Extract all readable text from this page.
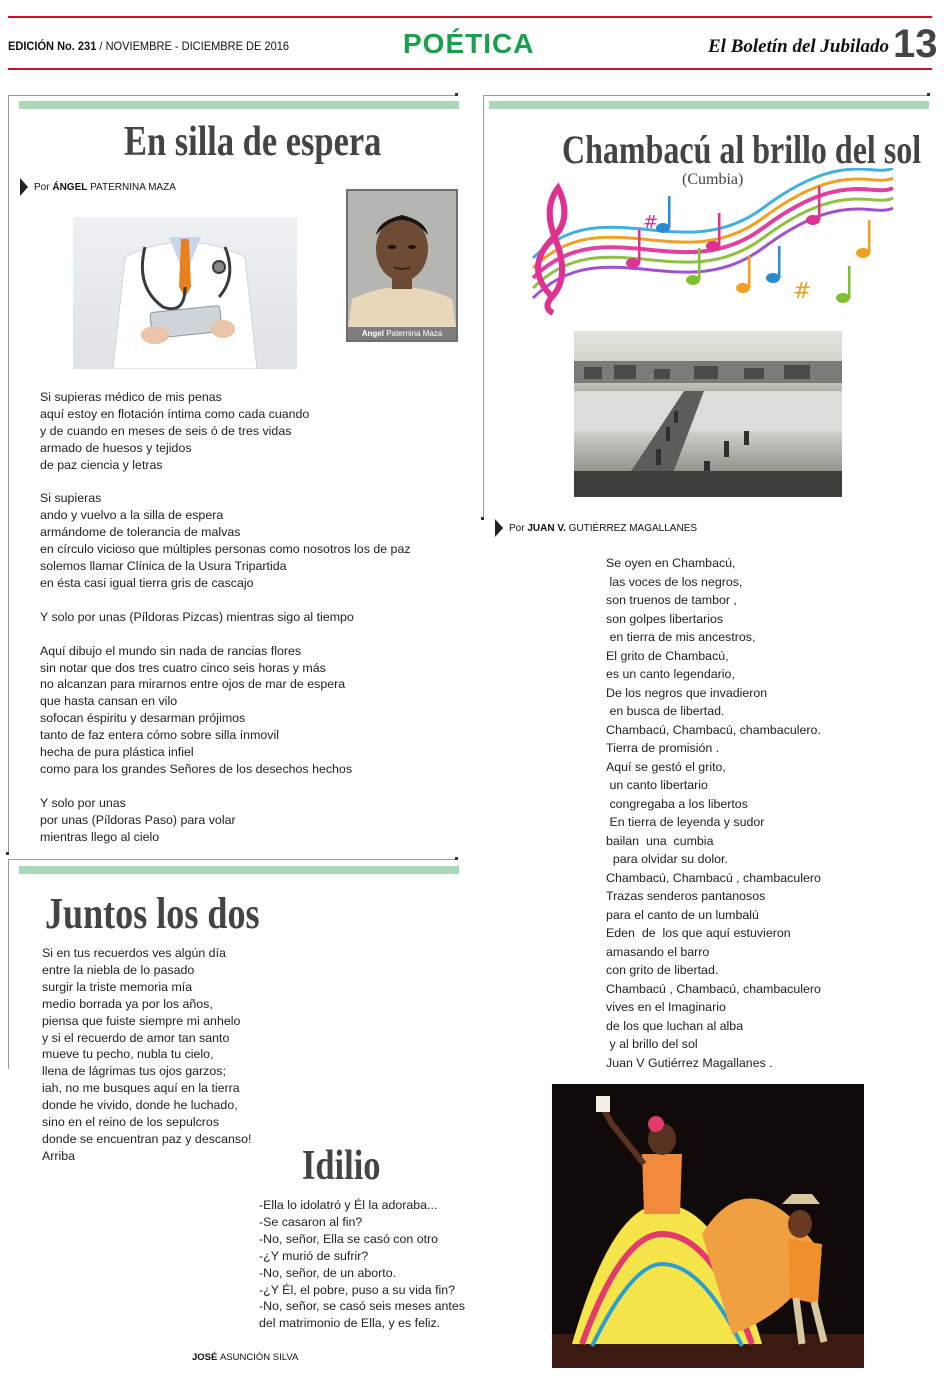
EDICIÓN No. 231 / NOVIEMBRE - DICIEMBRE DE 2016	POÉTICA	El Boletín del Jubilado 13
En silla de espera
Por
ÁNGEL
PATERNINA MAZA
Angel Paternina Maza
Si supieras médico de mis penas
aquí estoy en flotación íntima como cada cuando
y de cuando en meses de seis ó de tres vidas
armado de huesos y tejidos
de paz ciencia y letras

Si supieras
ando y vuelvo a la silla de espera
armándome de tolerancia de malvas
en círculo vicioso que múltiples personas como nosotros los de paz
solemos llamar Clínica de la Usura Tripartida
en ésta casi igual tierra gris de cascajo

Y solo por unas (Píldoras Pizcas) mientras sigo al tiempo

Aquí dibujo el mundo sin nada de rancias flores
sin notar que dos tres cuatro cinco seis horas y más
no alcanzan para mirarnos entre ojos de mar de espera
que hasta cansan en vilo
sofocan éspiritu y desarman prójimos
tanto de faz entera cómo sobre silla ínmovil
hecha de pura plástica infiel
como para los grandes Señores de los desechos hechos

Y solo por unas
por unas (Píldoras Paso) para volar
mientras llego al cielo
Juntos los dos
Si en tus recuerdos ves algún día
entre la niebla de lo pasado
surgir la triste memoria mía
medio borrada ya por los años,
piensa que fuiste siempre mi anhelo
y si el recuerdo de amor tan santo
mueve tu pecho, nubla tu cielo,
llena de lágrimas tus ojos garzos;
iah, no me busques aquí en la tierra
donde he vivido, donde he luchado,
sino en el reino de los sepulcros
donde se encuentran paz y descanso!
Arriba	Idilio
-Ella lo idolatró y Él la adoraba...
-Se casaron al fin?
-No, señor, Ella se casó con otro
-¿Y murió de sufrir?
-No, señor, de un aborto.
-¿Y Él, el pobre, puso a su vida fin?
-No, señor, se casó seis meses antes
del matrimonio de Ella, y es feliz.
JOSÉ
ASUNCIÓN SILVA
Chambacú al brillo del sol
(Cumbia)
#
#
Por
JUAN V.
GUTIÉRREZ MAGALLANES
Se oyen en Chambacú,
las voces de los negros,
son truenos de tambor ,
son golpes libertarios
en tierra de mis ancestros,
El grito de Chambacú,
es un canto legendario,
De los negros que invadieron
en busca de libertad.
Chambacú, Chambacú, chambaculero.
Tierra de promisión .
Aquí se gestó el grito,
un canto libertario
congregaba a los libertos
En tierra de leyenda y sudor
bailan  una  cumbia
para olvidar su dolor.
Chambacú, Chambacú , chambaculero
Trazas senderos pantanosos
para el canto de un lumbalú
Eden  de  los que aquí estuvieron
amasando el barro
con grito de libertad.
Chambacú , Chambacú, chambaculero
vives en el Imaginario
de los que luchan al alba
y al brillo del sol
Juan V Gutiérrez Magallanes .
